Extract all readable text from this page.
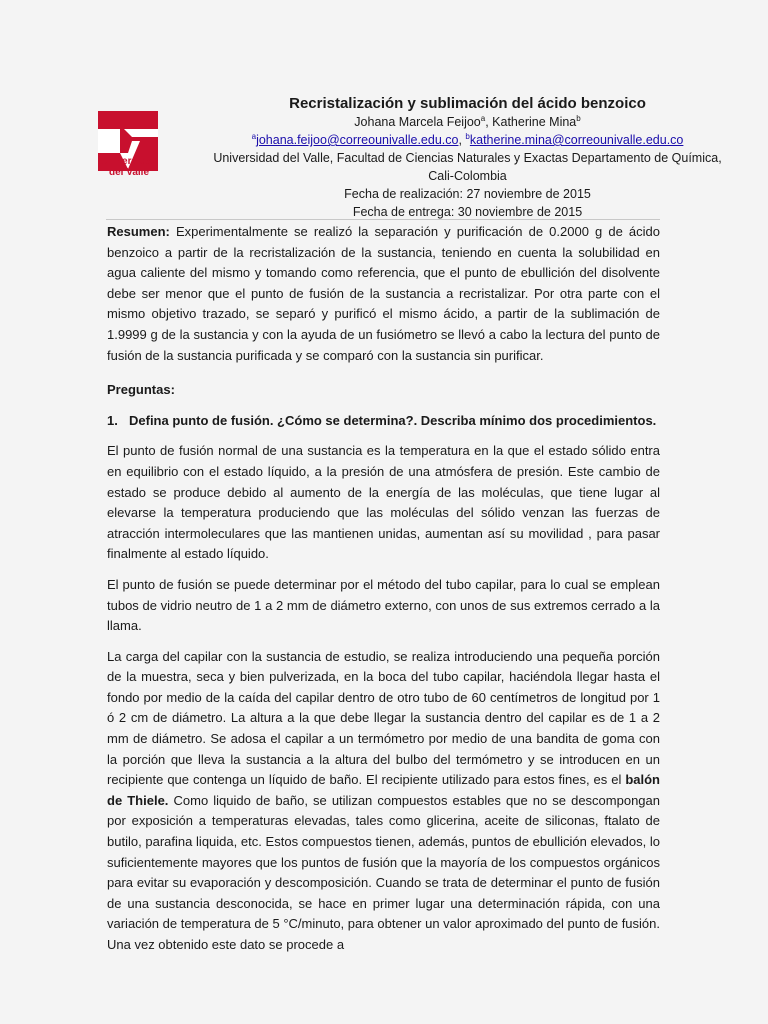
Universidad
del Valle
Recristalización y sublimación del ácido benzoico
Johana Marcela Feijoo$^a$, Katherine Mina$^b$
$^a$johana.feijoo@correounivalle.edu.co, $^b$katherine.mina@correounivalle.edu.co
Universidad del Valle, Facultad de Ciencias Naturales y Exactas Departamento de Química,
Cali-Colombia
Fecha de realización: 27 noviembre de 2015
Fecha de entrega: 30 noviembre de 2015

Resumen: Experimentalmente se realizó la separación y purificación de 0.2000 g de ácido benzoico a partir de la recristalización de la sustancia, teniendo en cuenta la solubilidad en agua caliente del mismo y tomando como referencia, que el punto de ebullición del disolvente debe ser menor que el punto de fusión de la sustancia a recristalizar. Por otra parte con el mismo objetivo trazado, se separó y purificó el mismo ácido, a partir de la sublimación de 1.9999 g de la sustancia y con la ayuda de un fusiómetro se llevó a cabo la lectura del punto de fusión de la sustancia purificada y se comparó con la sustancia sin purificar.

Preguntas:
1. Defina punto de fusión. ¿Cómo se determina?. Describa mínimo dos procedimientos.

El punto de fusión normal de una sustancia es la temperatura en la que el estado sólido entra en equilibrio con el estado líquido, a la presión de una atmósfera de presión. Este cambio de estado se produce debido al aumento de la energía de las moléculas, que tiene lugar al elevarse la temperatura produciendo que las moléculas del sólido venzan las fuerzas de atracción intermoleculares que las mantienen unidas, aumentan así su movilidad , para pasar finalmente al estado líquido.

El punto de fusión se puede determinar por el método del tubo capilar, para lo cual se emplean tubos de vidrio neutro de 1 a 2 mm de diámetro externo, con unos de sus extremos cerrado a la llama.

La carga del capilar con la sustancia de estudio, se realiza introduciendo una pequeña porción de la muestra, seca y bien pulverizada, en la boca del tubo capilar, haciéndola llegar hasta el fondo por medio de la caída del capilar dentro de otro tubo de 60 centímetros de longitud por 1 ó 2 cm de diámetro. La altura a la que debe llegar la sustancia dentro del capilar es de 1 a 2 mm de diámetro. Se adosa el capilar a un termómetro por medio de una bandita de goma con la porción que lleva la sustancia a la altura del bulbo del termómetro y se introducen en un recipiente que contenga un líquido de baño. El recipiente utilizado para estos fines, es el balón de Thiele. Como liquido de baño, se utilizan compuestos estables que no se descompongan por exposición a temperaturas elevadas, tales como glicerina, aceite de siliconas, ftalato de butilo, parafina liquida, etc. Estos compuestos tienen, además, puntos de ebullición elevados, lo suficientemente mayores que los puntos de fusión que la mayoría de los compuestos orgánicos para evitar su evaporación y descomposición. Cuando se trata de determinar el punto de fusión de una sustancia desconocida, se hace en primer lugar una determinación rápida, con una variación de temperatura de 5 °C/minuto, para obtener un valor aproximado del punto de fusión. Una vez obtenido este dato se procede a
